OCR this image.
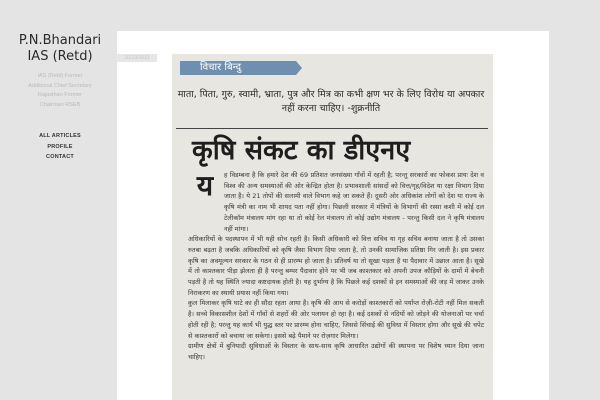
P.N.Bhandari IAS (Retd)
IAS (Retd) Former
Additional Chief Secretary
Rajasthan Former
Chairman RSEB
ALL ARTICLES
PROFILE
CONTACT
10/23/2013
विचार बिन्दु
माता, पिता, गुरु, स्वामी, भ्राता, पुत्र और मित्र का कभी क्षण भर के लिए विरोध या अपकार नहीं करना चाहिए। -शुक्रनीति
कृषि संकट का डीएनए
य	ह विडम्बना है कि हमारे देश की 69 प्रतिशत जनसंख्या गाँवों में रहती है; परन्तु सरकारों का फोकस प्रायः देश व विश्व की अन्य समस्याओं की ओर केन्द्रित होता है। प्रभावशाली सांसदों को वित्त/गृह/विदेश या रक्षा विभाग दिया जाता है। ये 21 तोपों की सलामी वाले विभाग कहे जा सकते हैं। दूसरी ओर अधिकांश लोगों को देश या राज्य के कृषि मंत्री का नाम भी शायद पता नहीं होगा। पिछली सरकार में मंत्रियों के विभागों की रस्सा कशी में कोई दल टेलीकॉम मंत्रालय मांग रहा था तो कोई रेल मंत्रालय तो कोई उद्योग मंत्रालय - परन्तु किसी दल ने कृषि मंत्रालय नहीं मांगा।

अधिकारियों के पदस्थापन में भी यही सोच रहती है। किसी अधिकारी को वित्त सचिव या गृह सचिव बनाया जाता है तो उसका रुतबा बढ़ता है जबकि अधिकारियों को कृषि जैसा विभाग दिया जाता है, तो उनकी सामाजिक प्रतिष्ठा गिर जाती है। इस प्रकार कृषि का अवमूल्यन सरकार के गठन से ही प्रारम्भ हो जाता है। प्रतिवर्ष या तो सूखा पड़ता है या पैदावार में उछाल आता है। सूखे में तो काश्तकार पीड़ा झेलता ही है परन्तु बम्पर पैदावार होने पर भी जब काश्तकार को अपनी उपज कौड़ियों के दामों में बेचनी पड़ती है तो यह स्थिति ज्यादा कष्टदायक होती है। यह दुर्भाग्य है कि पिछले कई दशकों से इन समस्याओं की जड़ में जाकर उनके निराकरण का स्थायी प्रयास नहीं किया गया।

कुल मिलाकर कृषि घाटे का ही सौदा रहता आया है। कृषि की आय से करोड़ों काश्तकारों को पर्याप्त रोज़ी-रोटी नहीं मिल सकती है। सच्चे विकासशील देशों में गाँवों से शहरों की ओर पलायन हो रहा है। कई दशकों से नदियों को जोड़ने की योजनाओं पर चर्चा होती रही है; परन्तु यह कार्य भी युद्ध स्तर पर प्रारम्भ होना चाहिए, जिससे सिंचाई की सुविधा में विस्तार होगा और सूखे की चपेट से काश्तकारों को बचाया जा सकेगा। इससे बढ़े पैमाने पर रोज़गार मिलेगा।

ग्रामीण क्षेत्रों में बुनियादी सुविधाओं के विस्तार के साथ-साथ कृषि आधारित उद्योगों की स्थापना पर विशेष ध्यान दिया जाना चाहिए।
